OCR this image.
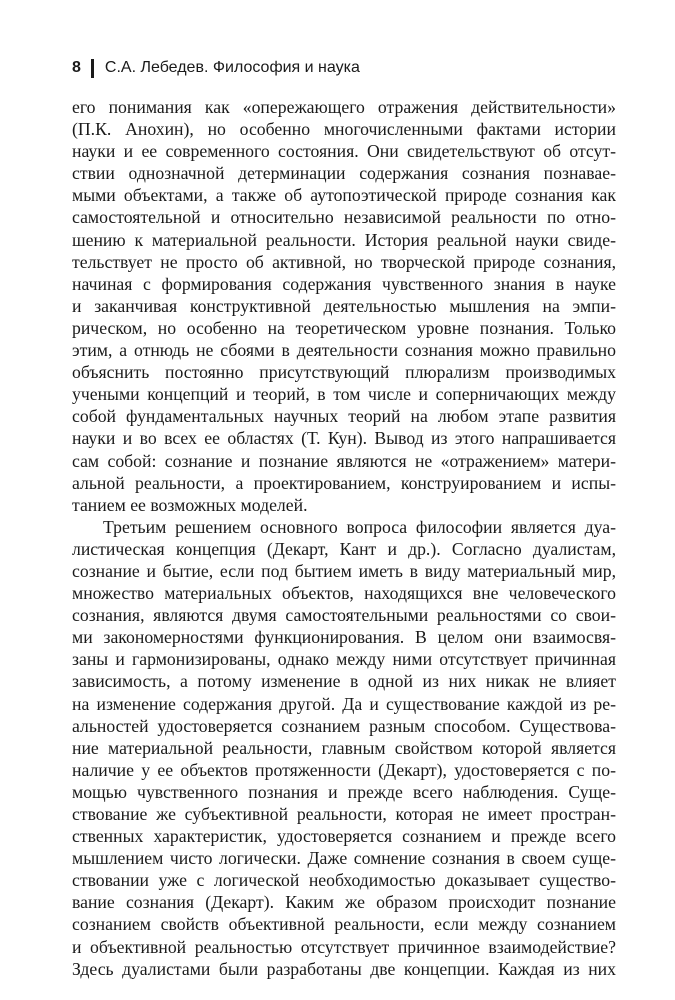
8 С.А. Лебедев. Философия и наука
его понимания как «опережающего отражения действительности»
(П.К. Анохин), но особенно многочисленными фактами истории
науки и ее современного состояния. Они свидетельствуют об отсут-
ствии однозначной детерминации содержания сознания познавае-
мыми объектами, а также об аутопоэтической природе сознания как
самостоятельной и относительно независимой реальности по отно-
шению к материальной реальности. История реальной науки свиде-
тельствует не просто об активной, но творческой природе сознания,
начиная с формирования содержания чувственного знания в науке
и заканчивая конструктивной деятельностью мышления на эмпи-
рическом, но особенно на теоретическом уровне познания. Только
этим, а отнюдь не сбоями в деятельности сознания можно правильно
объяснить постоянно присутствующий плюрализм производимых
учеными концепций и теорий, в том числе и соперничающих между
собой фундаментальных научных теорий на любом этапе развития
науки и во всех ее областях (Т. Кун). Вывод из этого напрашивается
сам собой: сознание и познание являются не «отражением» матери-
альной реальности, а проектированием, конструированием и испы-
танием ее возможных моделей.
Третьим решением основного вопроса философии является дуа-
листическая концепция (Декарт, Кант и др.). Согласно дуалистам,
сознание и бытие, если под бытием иметь в виду материальный мир,
множество материальных объектов, находящихся вне человеческого
сознания, являются двумя самостоятельными реальностями со свои-
ми закономерностями функционирования. В целом они взаимосвя-
заны и гармонизированы, однако между ними отсутствует причинная
зависимость, а потому изменение в одной из них никак не влияет
на изменение содержания другой. Да и существование каждой из ре-
альностей удостоверяется сознанием разным способом. Существова-
ние материальной реальности, главным свойством которой является
наличие у ее объектов протяженности (Декарт), удостоверяется с по-
мощью чувственного познания и прежде всего наблюдения. Суще-
ствование же субъективной реальности, которая не имеет простран-
ственных характеристик, удостоверяется сознанием и прежде всего
мышлением чисто логически. Даже сомнение сознания в своем суще-
ствовании уже с логической необходимостью доказывает существо-
вание сознания (Декарт). Каким же образом происходит познание
сознанием свойств объективной реальности, если между сознанием
и объективной реальностью отсутствует причинное взаимодействие?
Здесь дуалистами были разработаны две концепции. Каждая из них
